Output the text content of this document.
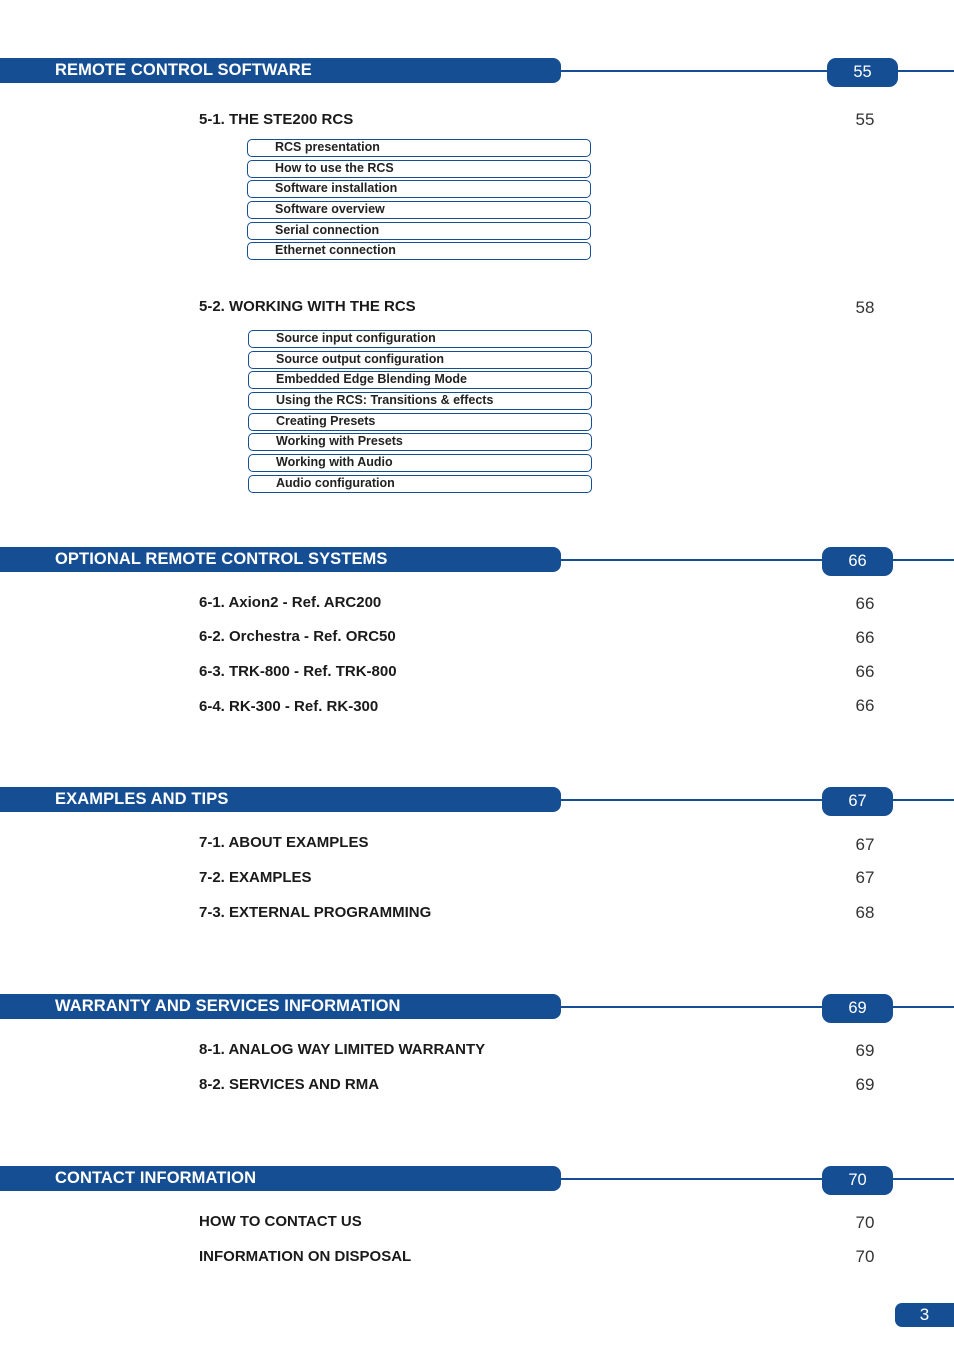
REMOTE CONTROL SOFTWARE	55
5-1. THE STE200 RCS	55
RCS presentation
How to use the RCS
Software installation
Software overview
Serial connection
Ethernet connection
5-2. WORKING WITH THE RCS	58
Source input configuration
Source output configuration
Embedded Edge Blending Mode
Using the RCS: Transitions & effects
Creating Presets
Working with Presets
Working with Audio
Audio configuration
OPTIONAL REMOTE CONTROL SYSTEMS	66
6-1. Axion2 - Ref. ARC200	66
6-2. Orchestra - Ref. ORC50	66
6-3. TRK-800 - Ref. TRK-800	66
6-4. RK-300 - Ref. RK-300	66
EXAMPLES AND TIPS	67
7-1. ABOUT EXAMPLES	67
7-2. EXAMPLES	67
7-3. EXTERNAL PROGRAMMING	68
WARRANTY AND SERVICES INFORMATION	69
8-1. ANALOG WAY LIMITED WARRANTY	69
8-2. SERVICES AND RMA	69
CONTACT INFORMATION	70
HOW TO CONTACT US	70
INFORMATION ON DISPOSAL	70
3
